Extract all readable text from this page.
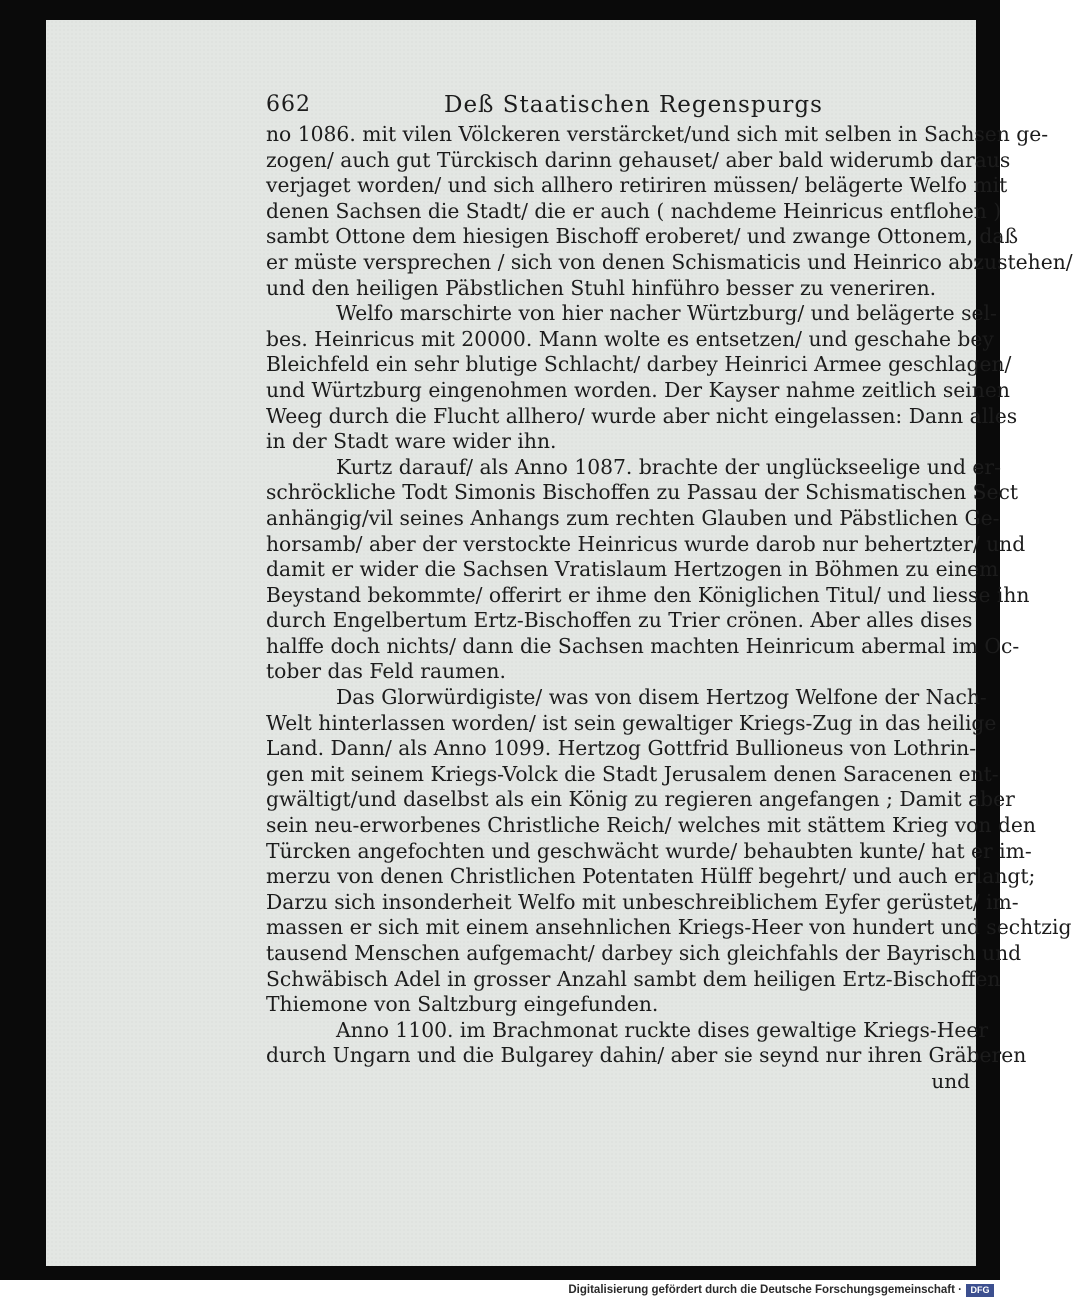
662	Deß Staatischen Regenspurgs
no 1086. mit vilen Völckeren verstärcket/und sich mit selben in Sachsen ge-
zogen/ auch gut Türckisch darinn gehauset/ aber bald widerumb daraus
verjaget worden/ und sich allhero retiriren müssen/ belägerte Welfo mit
denen Sachsen die Stadt/ die er auch ( nachdeme Heinricus entflohen )
sambt Ottone dem hiesigen Bischoff eroberet/ und zwange Ottonem, daß
er müste versprechen / sich von denen Schismaticis und Heinrico abzustehen/
und den heiligen Päbstlichen Stuhl hinführo besser zu veneriren.
Welfo marschirte von hier nacher Würtzburg/ und belägerte sel-
bes. Heinricus mit 20000. Mann wolte es entsetzen/ und geschahe bey
Bleichfeld ein sehr blutige Schlacht/ darbey Heinrici Armee geschlagen/
und Würtzburg eingenohmen worden. Der Kayser nahme zeitlich seinen
Weeg durch die Flucht allhero/ wurde aber nicht eingelassen: Dann alles
in der Stadt ware wider ihn.
Kurtz darauf/ als Anno 1087. brachte der unglückseelige und er-
schröckliche Todt Simonis Bischoffen zu Passau der Schismatischen Sect
anhängig/vil seines Anhangs zum rechten Glauben und Päbstlichen Ge-
horsamb/ aber der verstockte Heinricus wurde darob nur behertzter/ und
damit er wider die Sachsen Vratislaum Hertzogen in Böhmen zu einem
Beystand bekommte/ offerirt er ihme den Königlichen Titul/ und liesse ihn
durch Engelbertum Ertz-Bischoffen zu Trier crönen. Aber alles dises
halffe doch nichts/ dann die Sachsen machten Heinricum abermal im Oc-
tober das Feld raumen.
Das Glorwürdigiste/ was von disem Hertzog Welfone der Nach-
Welt hinterlassen worden/ ist sein gewaltiger Kriegs-Zug in das heilige
Land. Dann/ als Anno 1099. Hertzog Gottfrid Bullioneus von Lothrin-
gen mit seinem Kriegs-Volck die Stadt Jerusalem denen Saracenen ent-
gwältigt/und daselbst als ein König zu regieren angefangen ; Damit aber
sein neu-erworbenes Christliche Reich/ welches mit stättem Krieg von den
Türcken angefochten und geschwächt wurde/ behaubten kunte/ hat er im-
merzu von denen Christlichen Potentaten Hülff begehrt/ und auch erlangt;
Darzu sich insonderheit Welfo mit unbeschreiblichem Eyfer gerüstet/ im-
massen er sich mit einem ansehnlichen Kriegs-Heer von hundert und sechtzig
tausend Menschen aufgemacht/ darbey sich gleichfahls der Bayrisch und
Schwäbisch Adel in grosser Anzahl sambt dem heiligen Ertz-Bischoffen
Thiemone von Saltzburg eingefunden.
Anno 1100. im Brachmonat ruckte dises gewaltige Kriegs-Heer
durch Ungarn und die Bulgarey dahin/ aber sie seynd nur ihren Gräberen
und
Digitalisierung gefördert durch die Deutsche Forschungsgemeinschaft · DFG
